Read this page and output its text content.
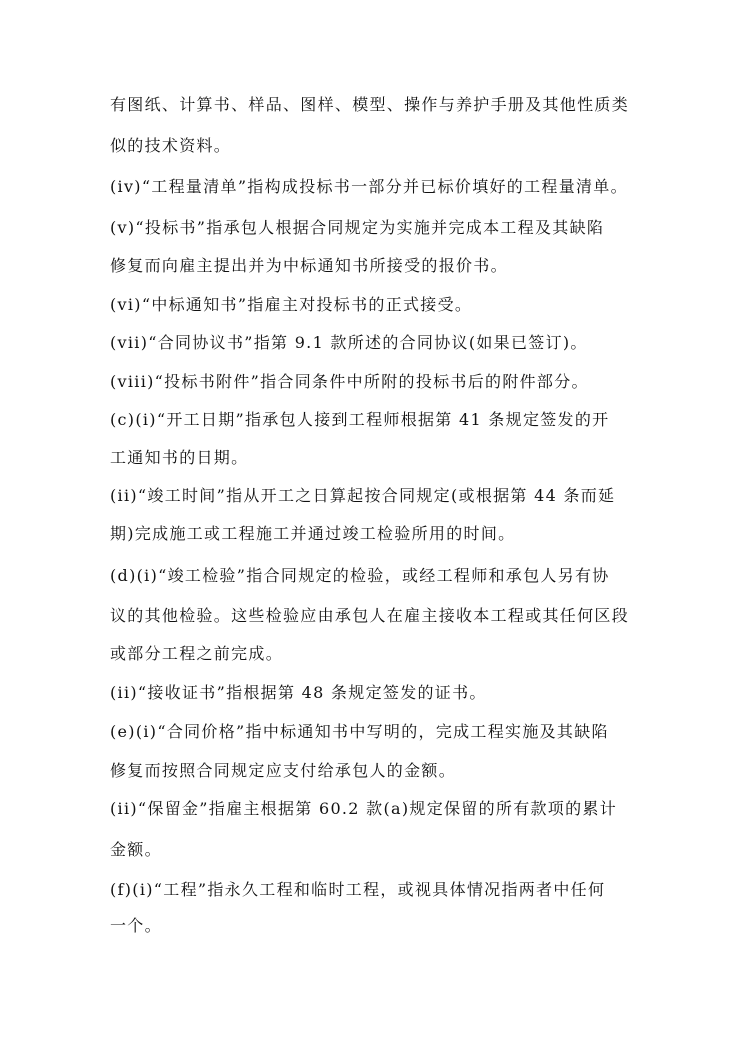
有图纸、计算书、样品、图样、模型、操作与养护手册及其他性质类
似的技术资料。
(iv)“工程量清单”指构成投标书一部分并已标价填好的工程量清单。
(v)“投标书”指承包人根据合同规定为实施并完成本工程及其缺陷
修复而向雇主提出并为中标通知书所接受的报价书。
(vi)“中标通知书”指雇主对投标书的正式接受。
(vii)“合同协议书”指第 9.1 款所述的合同协议(如果已签订)。
(viii)“投标书附件”指合同条件中所附的投标书后的附件部分。
(c)(i)“开工日期”指承包人接到工程师根据第 41 条规定签发的开
工通知书的日期。
(ii)“竣工时间”指从开工之日算起按合同规定(或根据第 44 条而延
期)完成施工或工程施工并通过竣工检验所用的时间。
(d)(i)“竣工检验”指合同规定的检验，或经工程师和承包人另有协
议的其他检验。这些检验应由承包人在雇主接收本工程或其任何区段
或部分工程之前完成。
(ii)“接收证书”指根据第 48 条规定签发的证书。
(e)(i)“合同价格”指中标通知书中写明的，完成工程实施及其缺陷
修复而按照合同规定应支付给承包人的金额。
(ii)“保留金”指雇主根据第 60.2 款(a)规定保留的所有款项的累计
金额。
(f)(i)“工程”指永久工程和临时工程，或视具体情况指两者中任何
一个。
